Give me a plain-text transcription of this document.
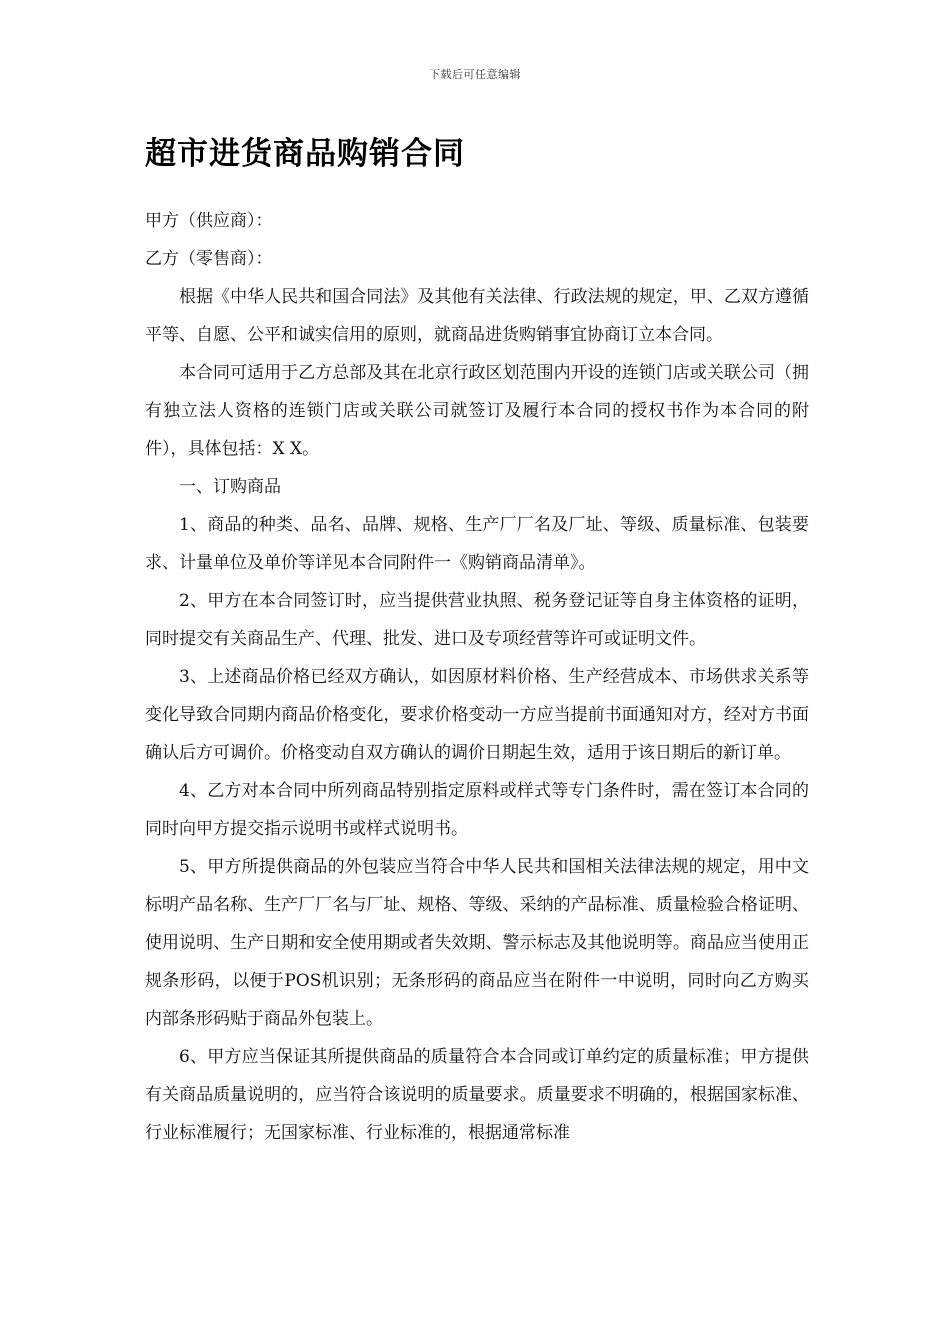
下载后可任意编辑
超市进货商品购销合同

甲方（供应商）：

乙方（零售商）：

根据《中华人民共和国合同法》及其他有关法律、行政法规的规定，甲、乙双方遵循平等、自愿、公平和诚实信用的原则，就商品进货购销事宜协商订立本合同。

本合同可适用于乙方总部及其在北京行政区划范围内开设的连锁门店或关联公司（拥有独立法人资格的连锁门店或关联公司就签订及履行本合同的授权书作为本合同的附件），具体包括：X X。

一、订购商品

1、商品的种类、品名、品牌、规格、生产厂厂名及厂址、等级、质量标准、包装要求、计量单位及单价等详见本合同附件一《购销商品清单》。

2、甲方在本合同签订时，应当提供营业执照、税务登记证等自身主体资格的证明，同时提交有关商品生产、代理、批发、进口及专项经营等许可或证明文件。

3、上述商品价格已经双方确认，如因原材料价格、生产经营成本、市场供求关系等变化导致合同期内商品价格变化，要求价格变动一方应当提前书面通知对方，经对方书面确认后方可调价。价格变动自双方确认的调价日期起生效，适用于该日期后的新订单。

4、乙方对本合同中所列商品特别指定原料或样式等专门条件时，需在签订本合同的同时向甲方提交指示说明书或样式说明书。

5、甲方所提供商品的外包装应当符合中华人民共和国相关法律法规的规定，用中文标明产品名称、生产厂厂名与厂址、规格、等级、采纳的产品标准、质量检验合格证明、使用说明、生产日期和安全使用期或者失效期、警示标志及其他说明等。商品应当使用正规条形码，以便于POS机识别；无条形码的商品应当在附件一中说明，同时向乙方购买内部条形码贴于商品外包装上。

6、甲方应当保证其所提供商品的质量符合本合同或订单约定的质量标准；甲方提供有关商品质量说明的，应当符合该说明的质量要求。质量要求不明确的，根据国家标准、行业标准履行；无国家标准、行业标准的，根据通常标准
